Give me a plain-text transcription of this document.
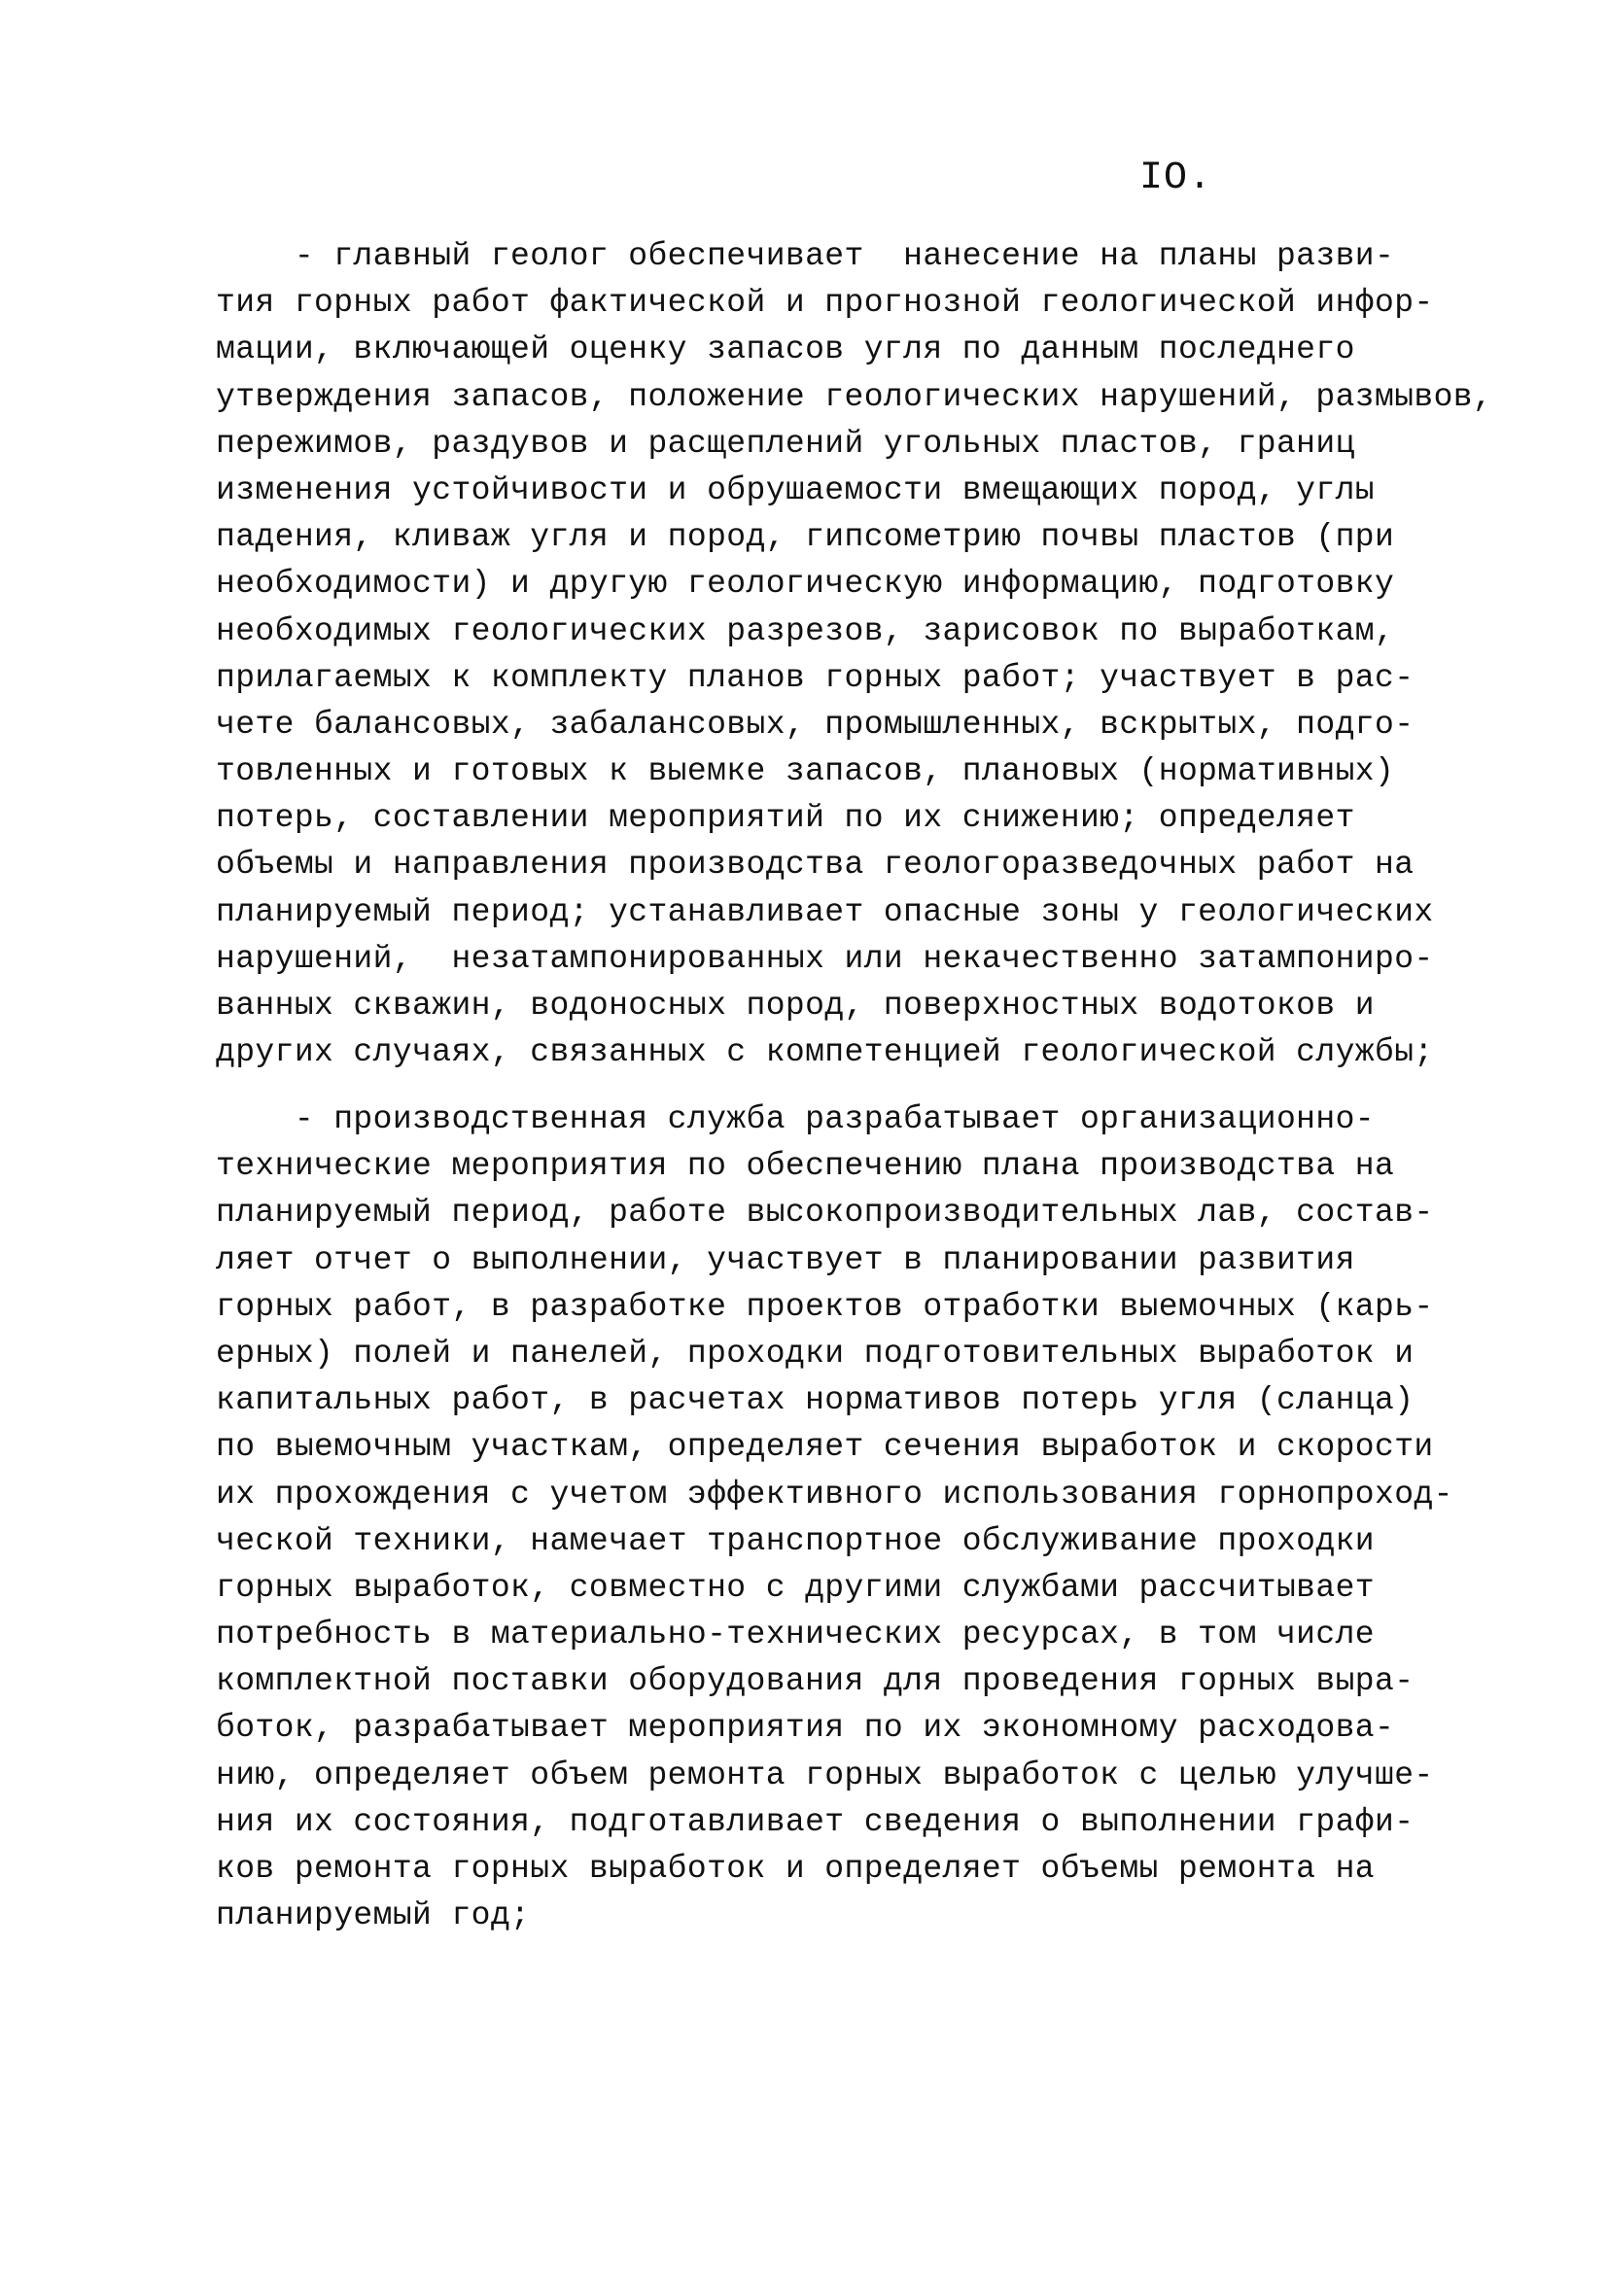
IO.
- главный геолог обеспечивает  нанесение на планы разви-
тия горных работ фактической и прогнозной геологической инфор-
мации, включающей оценку запасов угля по данным последнего
утверждения запасов, положение геологических нарушений, размывов,
пережимов, раздувов и расщеплений угольных пластов, границ
изменения устойчивости и обрушаемости вмещающих пород, углы
падения, кливаж угля и пород, гипсометрию почвы пластов (при
необходимости) и другую геологическую информацию, подготовку
необходимых геологических разрезов, зарисовок по выработкам,
прилагаемых к комплекту планов горных работ; участвует в рас-
чете балансовых, забалансовых, промышленных, вскрытых, подго-
товленных и готовых к выемке запасов, плановых (нормативных)
потерь, составлении мероприятий по их снижению; определяет
объемы и направления производства геологоразведочных работ на
планируемый период; устанавливает опасные зоны у геологических
нарушений,  незатампонированных или некачественно затампониро-
ванных скважин, водоносных пород, поверхностных водотоков и
других случаях, связанных с компетенцией геологической службы;
- производственная служба разрабатывает организационно-
технические мероприятия по обеспечению плана производства на
планируемый период, работе высокопроизводительных лав, состав-
ляет отчет о выполнении, участвует в планировании развития
горных работ, в разработке проектов отработки выемочных (карь-
ерных) полей и панелей, проходки подготовительных выработок и
капитальных работ, в расчетах нормативов потерь угля (сланца)
по выемочным участкам, определяет сечения выработок и скорости
их прохождения с учетом эффективного использования горнопроход-
ческой техники, намечает транспортное обслуживание проходки
горных выработок, совместно с другими службами рассчитывает
потребность в материально-технических ресурсах, в том числе
комплектной поставки оборудования для проведения горных выра-
боток, разрабатывает мероприятия по их экономному расходова-
нию, определяет объем ремонта горных выработок с целью улучше-
ния их состояния, подготавливает сведения о выполнении графи-
ков ремонта горных выработок и определяет объемы ремонта на
планируемый год;
